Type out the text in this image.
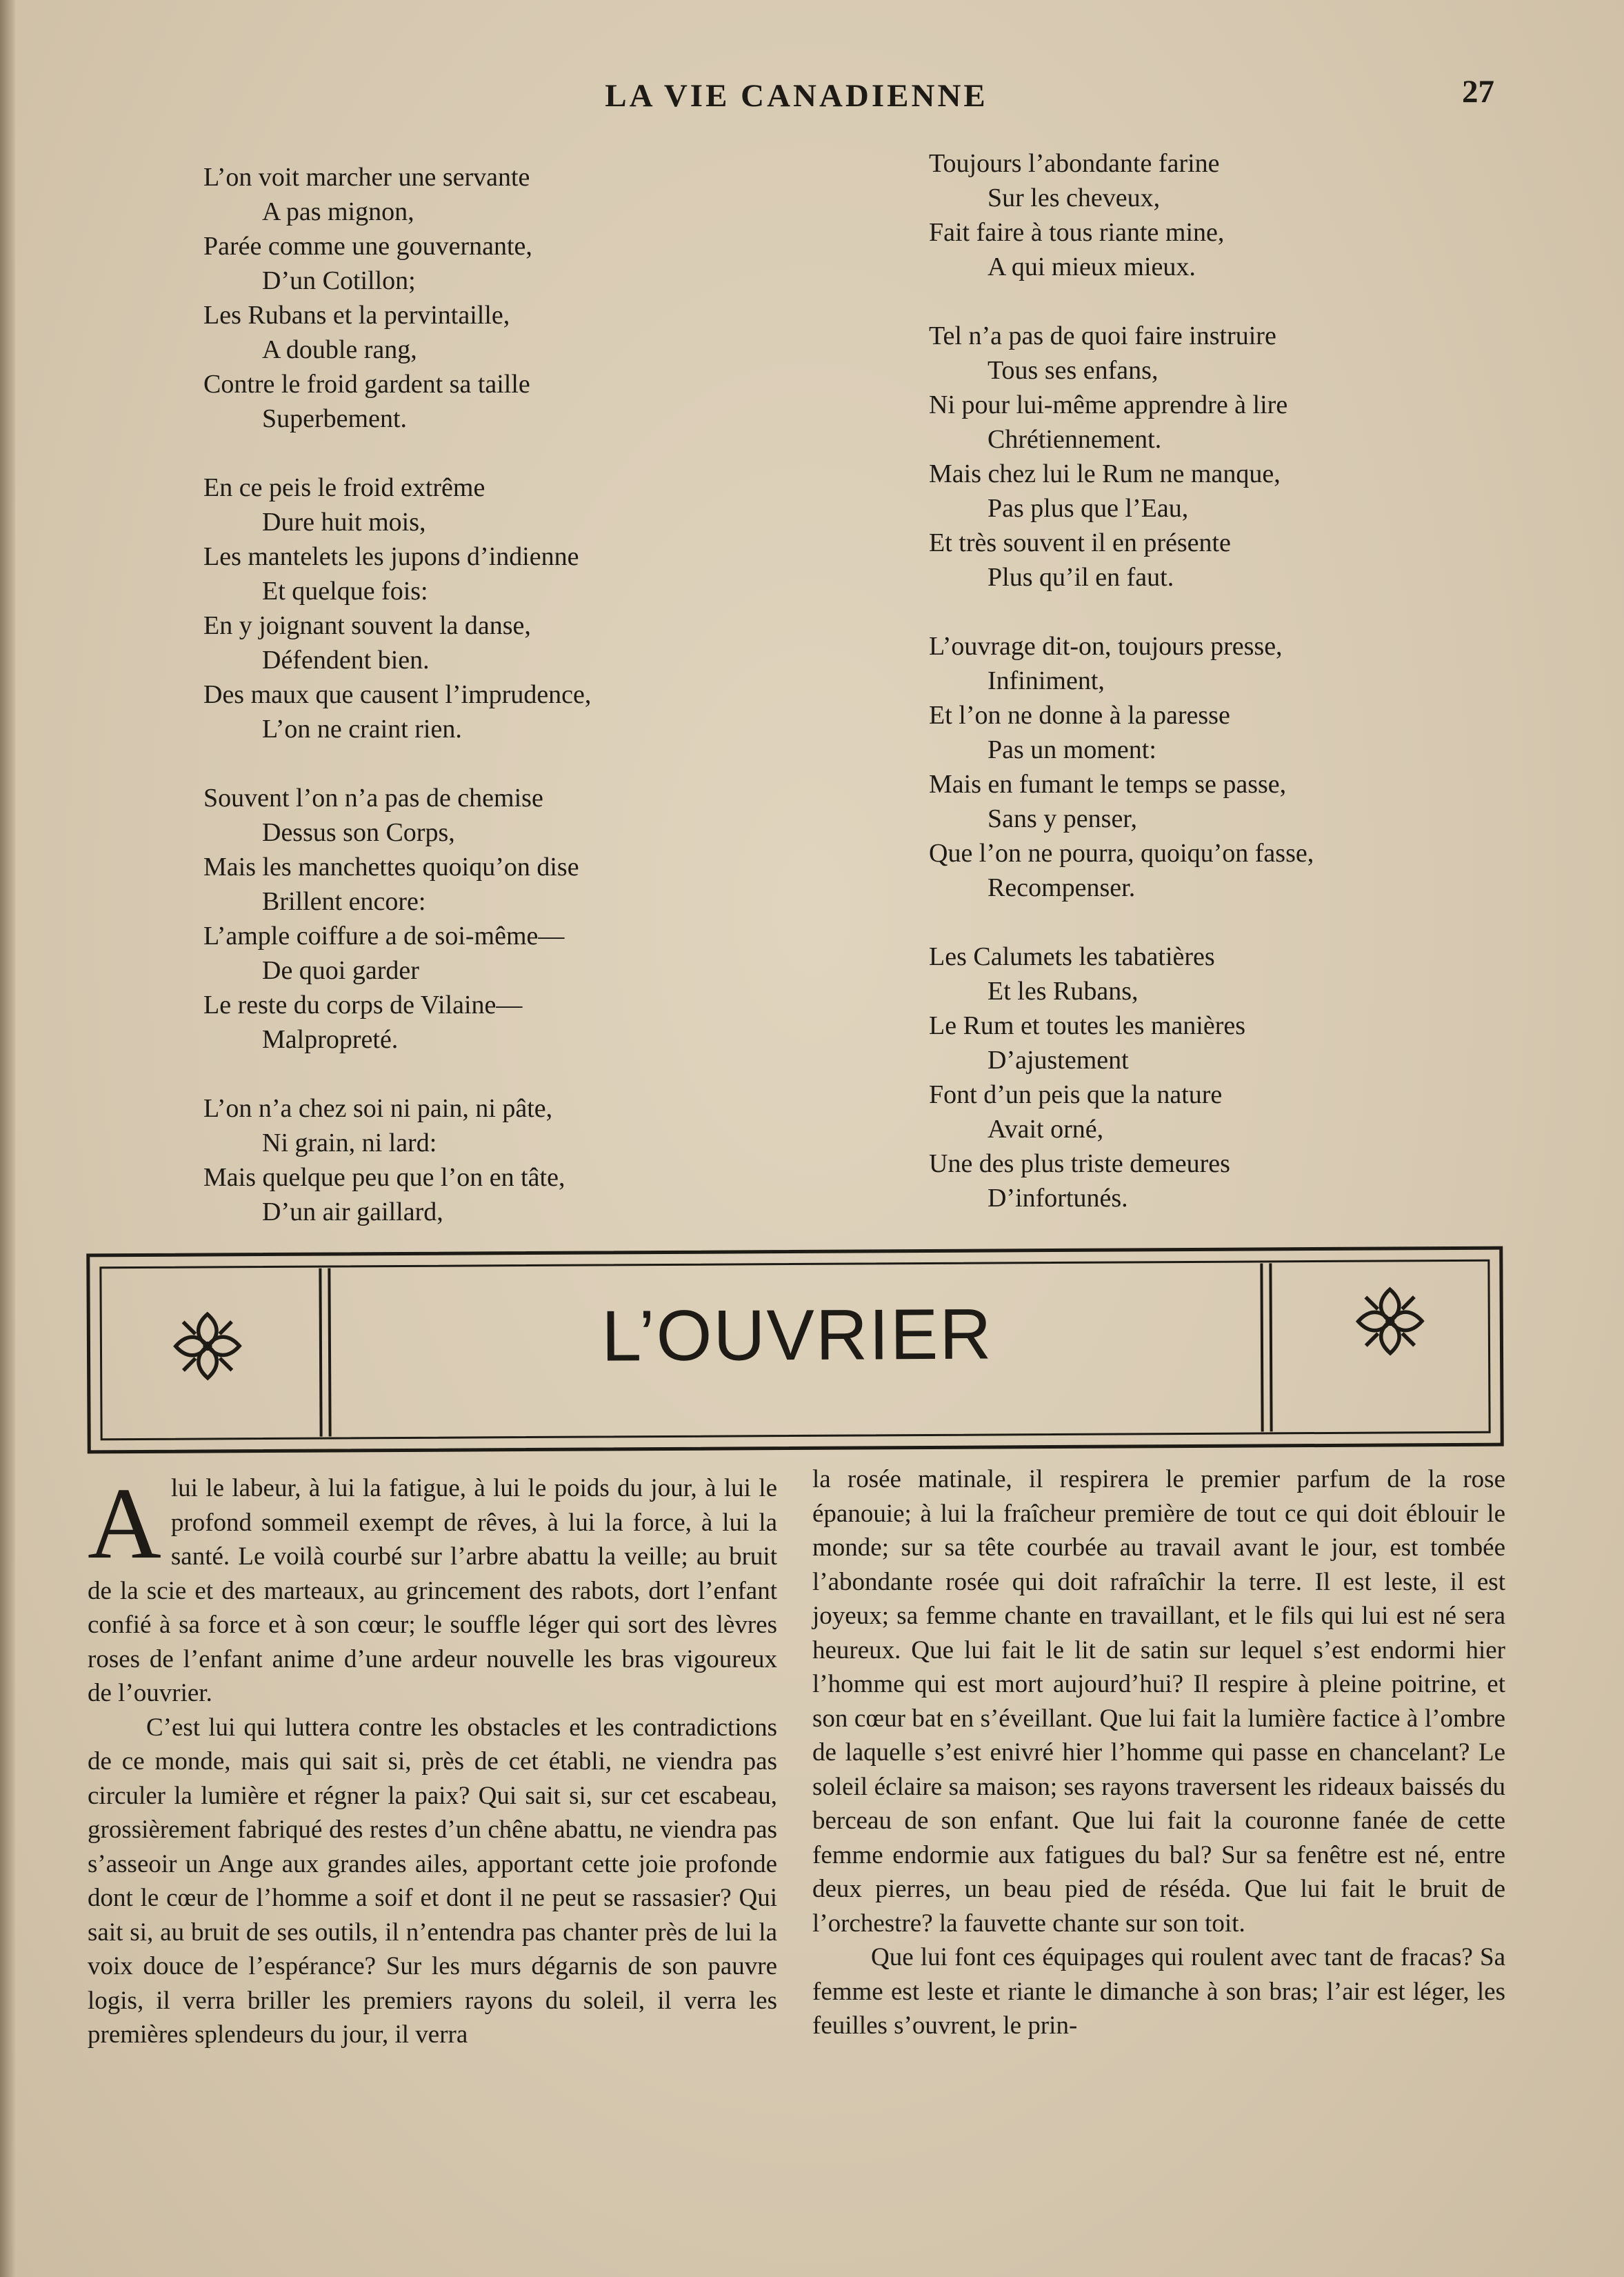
LA VIE CANADIENNE	27
L’on voit marcher une servante
A pas mignon,
Parée comme une gouvernante,
D’un Cotillon;
Les Rubans et la pervintaille,
A double rang,
Contre le froid gardent sa taille
Superbement.
En ce peis le froid extrême
Dure huit mois,
Les mantelets les jupons d’indienne
Et quelque fois:
En y joignant souvent la danse,
Défendent bien.
Des maux que causent l’imprudence,
L’on ne craint rien.
Souvent l’on n’a pas de chemise
Dessus son Corps,
Mais les manchettes quoiqu’on dise
Brillent encore:
L’ample coiffure a de soi-même—
De quoi garder
Le reste du corps de Vilaine—
Malpropreté.
L’on n’a chez soi ni pain, ni pâte,
Ni grain, ni lard:
Mais quelque peu que l’on en tâte,
D’un air gaillard,
Toujours l’abondante farine
Sur les cheveux,
Fait faire à tous riante mine,
A qui mieux mieux.
Tel n’a pas de quoi faire instruire
Tous ses enfans,
Ni pour lui-même apprendre à lire
Chrétiennement.
Mais chez lui le Rum ne manque,
Pas plus que l’Eau,
Et très souvent il en présente
Plus qu’il en faut.
L’ouvrage dit-on, toujours presse,
Infiniment,
Et l’on ne donne à la paresse
Pas un moment:
Mais en fumant le temps se passe,
Sans y penser,
Que l’on ne pourra, quoiqu’on fasse,
Recompenser.
Les Calumets les tabatières
Et les Rubans,
Le Rum et toutes les manières
D’ajustement
Font d’un peis que la nature
Avait orné,
Une des plus triste demeures
D’infortunés.
L’OUVRIER

A lui le labeur, à lui la fatigue, à lui le poids du jour, à lui le profond sommeil exempt de rêves, à lui la force, à lui la santé. Le voilà courbé sur l’arbre abattu la veille; au bruit de la scie et des marteaux, au grincement des rabots, dort l’enfant confié à sa force et à son cœur; le souffle léger qui sort des lèvres roses de l’enfant anime d’une ardeur nouvelle les bras vigoureux de l’ouvrier.

C’est lui qui luttera contre les obstacles et les contradictions de ce monde, mais qui sait si, près de cet établi, ne viendra pas circuler la lumière et régner la paix? Qui sait si, sur cet escabeau, grossièrement fabriqué des restes d’un chêne abattu, ne viendra pas s’asseoir un Ange aux grandes ailes, apportant cette joie profonde dont le cœur de l’homme a soif et dont il ne peut se rassasier? Qui sait si, au bruit de ses outils, il n’entendra pas chanter près de lui la voix douce de l’espérance? Sur les murs dégarnis de son pauvre logis, il verra briller les premiers rayons du soleil, il verra les premières splendeurs du jour, il verra

la rosée matinale, il respirera le premier parfum de la rose épanouie; à lui la fraîcheur première de tout ce qui doit éblouir le monde; sur sa tête courbée au travail avant le jour, est tombée l’abondante rosée qui doit rafraîchir la terre. Il est leste, il est joyeux; sa femme chante en travaillant, et le fils qui lui est né sera heureux. Que lui fait le lit de satin sur lequel s’est endormi hier l’homme qui est mort aujourd’hui? Il respire à pleine poitrine, et son cœur bat en s’éveillant. Que lui fait la lumière factice à l’ombre de laquelle s’est enivré hier l’homme qui passe en chancelant? Le soleil éclaire sa maison; ses rayons traversent les rideaux baissés du berceau de son enfant. Que lui fait la couronne fanée de cette femme endormie aux fatigues du bal? Sur sa fenêtre est né, entre deux pierres, un beau pied de réséda. Que lui fait le bruit de l’orchestre? la fauvette chante sur son toit.

Que lui font ces équipages qui roulent avec tant de fracas? Sa femme est leste et riante le dimanche à son bras; l’air est léger, les feuilles s’ouvrent, le prin-
